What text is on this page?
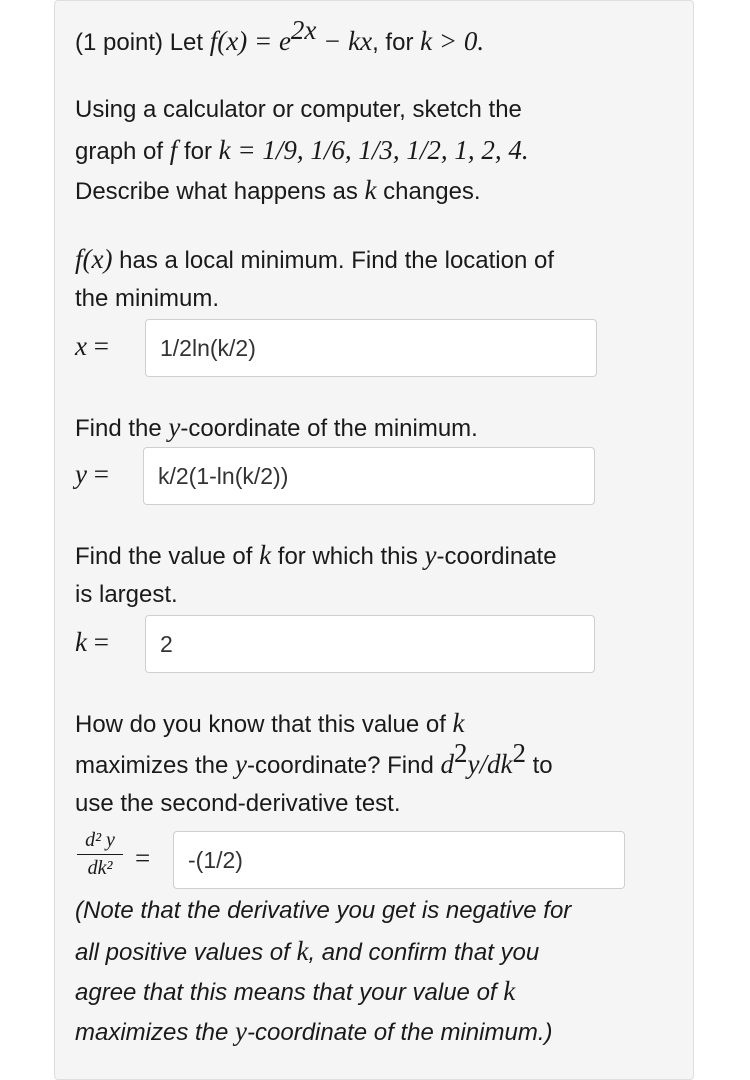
(1 point) Let $f(x) = e^{2x}$ − kx, for k > 0.
Using a calculator or computer, sketch the
graph of f for k = 1/9, 1/6, 1/3, 1/2, 1, 2, 4.
Describe what happens as k changes.
f(x) has a local minimum. Find the location of
the minimum.
x =	1/2ln(k/2)
Find the y-coordinate of the minimum.
y =	k/2(1-ln(k/2))
Find the value of k for which this y-coordinate
is largest.
k =	2
How do you know that this value of k
maximizes the y-coordinate? Find $d^2y/dk^2$ to
use the second-derivative test.
d² y
dk² =	-(1/2)
(Note that the derivative you get is negative for
all positive values of k, and confirm that you
agree that this means that your value of k
maximizes the y-coordinate of the minimum.)
